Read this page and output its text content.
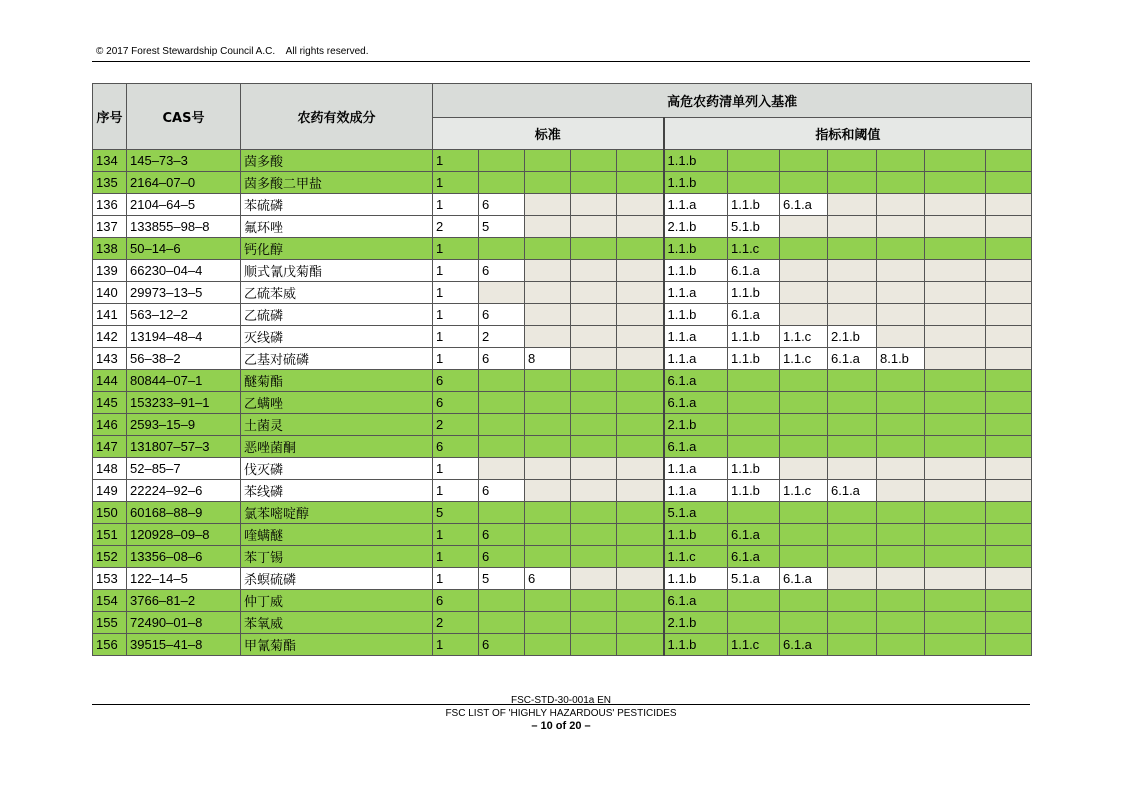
© 2017 Forest Stewardship Council A.C.    All rights reserved.
序号	CAS号	农药有效成分	高危农药清单列入基准											
			标准					指标和阈值						
134	145–73–3	茵多酸	1					1.1.b						
135	2164–07–0	茵多酸二甲盐	1					1.1.b						
136	2104–64–5	苯硫磷	1	6				1.1.a	1.1.b	6.1.a				
137	133855–98–8	氟环唑	2	5				2.1.b	5.1.b					
138	50–14–6	钙化醇	1					1.1.b	1.1.c					
139	66230–04–4	顺式氰戊菊酯	1	6				1.1.b	6.1.a					
140	29973–13–5	乙硫苯威	1					1.1.a	1.1.b					
141	563–12–2	乙硫磷	1	6				1.1.b	6.1.a					
142	13194–48–4	灭线磷	1	2				1.1.a	1.1.b	1.1.c	2.1.b			
143	56–38–2	乙基对硫磷	1	6	8			1.1.a	1.1.b	1.1.c	6.1.a	8.1.b		
144	80844–07–1	醚菊酯	6					6.1.a						
145	153233–91–1	乙螨唑	6					6.1.a						
146	2593–15–9	土菌灵	2					2.1.b						
147	131807–57–3	恶唑菌酮	6					6.1.a						
148	52–85–7	伐灭磷	1					1.1.a	1.1.b					
149	22224–92–6	苯线磷	1	6				1.1.a	1.1.b	1.1.c	6.1.a			
150	60168–88–9	氯苯嘧啶醇	5					5.1.a						
151	120928–09–8	喹螨醚	1	6				1.1.b	6.1.a					
152	13356–08–6	苯丁锡	1	6				1.1.c	6.1.a					
153	122–14–5	杀螟硫磷	1	5	6			1.1.b	5.1.a	6.1.a				
154	3766–81–2	仲丁威	6					6.1.a						
155	72490–01–8	苯氧威	2					2.1.b						
156	39515–41–8	甲氰菊酯	1	6				1.1.b	1.1.c	6.1.a				
FSC-STD-30-001a EN
FSC LIST OF 'HIGHLY HAZARDOUS' PESTICIDES
– 10 of 20 –
